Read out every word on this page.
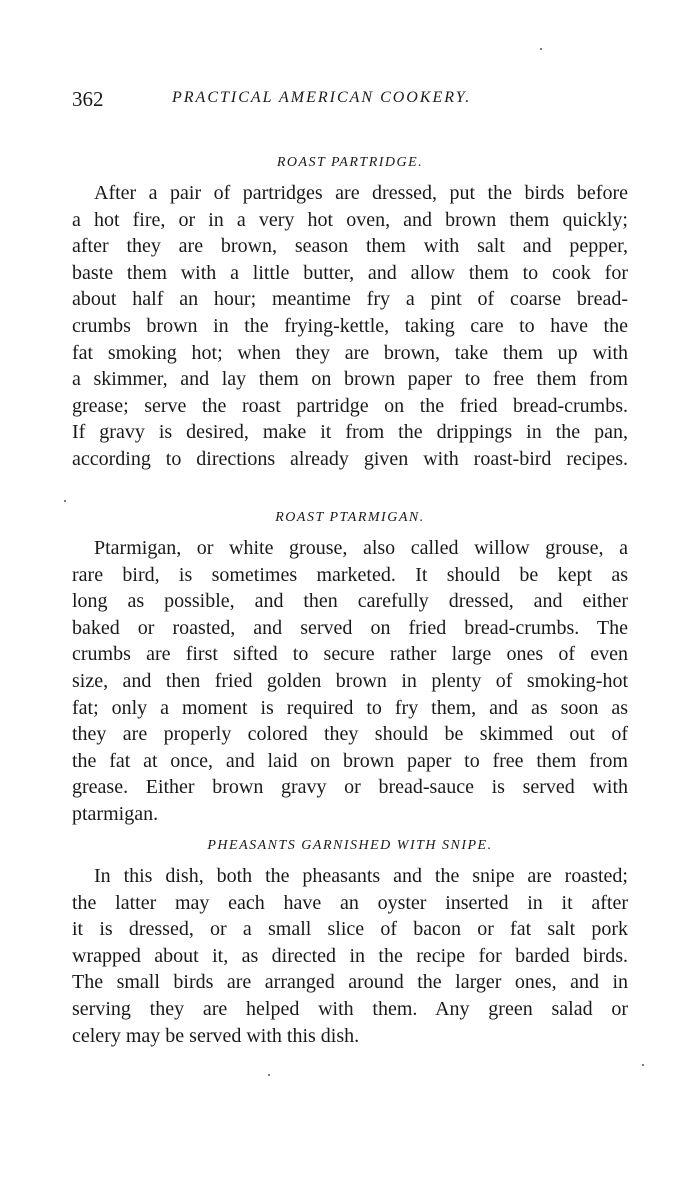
362	PRACTICAL AMERICAN COOKERY.
ROAST PARTRIDGE.
After a pair of partridges are dressed, put the birds before
a hot fire, or in a very hot oven, and brown them quickly;
after they are brown, season them with salt and pepper,
baste them with a little butter, and allow them to cook for
about half an hour; meantime fry a pint of coarse bread-
crumbs brown in the frying-kettle, taking care to have the
fat smoking hot; when they are brown, take them up with
a skimmer, and lay them on brown paper to free them from
grease; serve the roast partridge on the fried bread-crumbs.
If gravy is desired, make it from the drippings in the pan,
according to directions already given with roast-bird recipes.
ROAST PTARMIGAN.
Ptarmigan, or white grouse, also called willow grouse, a
rare bird, is sometimes marketed. It should be kept as
long as possible, and then carefully dressed, and either
baked or roasted, and served on fried bread-crumbs. The
crumbs are first sifted to secure rather large ones of even
size, and then fried golden brown in plenty of smoking-hot
fat; only a moment is required to fry them, and as soon as
they are properly colored they should be skimmed out of
the fat at once, and laid on brown paper to free them from
grease. Either brown gravy or bread-sauce is served with
ptarmigan.
PHEASANTS GARNISHED WITH SNIPE.
In this dish, both the pheasants and the snipe are roasted;
the latter may each have an oyster inserted in it after
it is dressed, or a small slice of bacon or fat salt pork
wrapped about it, as directed in the recipe for barded birds.
The small birds are arranged around the larger ones, and in
serving they are helped with them. Any green salad or
celery may be served with this dish.
